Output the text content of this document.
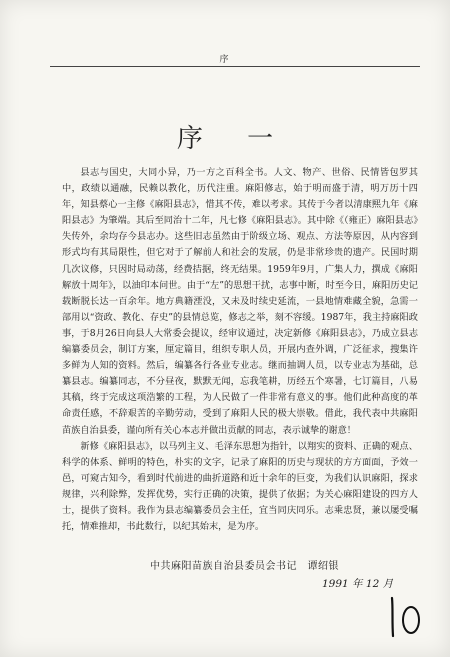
序
序 一

县志与国史，大同小异，乃一方之百科全书。人文、物产、世俗、民情皆包罗其中，政绩以通融，民赖以教化，历代注重。麻阳修志，始于明而盛于清，明万历十四年，知县蔡心一主修《麻阳县志》，惜其不传，难以考求。其传于今者以清康熙九年《麻阳县志》为肇端。其后至同治十二年，凡七修《麻阳县志》。其中除《（雍正）麻阳县志》失传外，余均存今县志办。这些旧志虽然由于阶级立场、观点、方法等原因，从内容到形式均有其局限性，但它对于了解前人和社会的发展，仍是非常珍贵的遗产。民国时期几次议修，只因时局动荡，经费拮据，终无结果。1959年9月，广集人力，撰成《麻阳解放十周年》，以油印本问世。由于“左”的思想干扰，志事中断，时至今日，麻阳历史记载断脱长达一百余年。地方典籍湮没，又未及时续史延流，一县地情难藏全貌，急需一部用以“资政、教化、存史”的县情总览，修志之举，刻不容缓。1987年，我主持麻阳政事，于8月26日向县人大常委会提议，经审议通过，决定新修《麻阳县志》，乃成立县志编纂委员会，制订方案，厘定篇目，组织专职人员，开展内查外调，广泛征求，搜集许多鲜为人知的资料。然后，编纂各行各业专业志。继而抽调人员，以专业志为基础，总纂县志。编纂同志，不分昼夜，默默无闻，忘我笔耕，历经五个寒暑，七订篇目，八易其稿，终于完成这项浩繁的工程，为人民做了一件非常有意义的事。他们此种高度的革命责任感，不辞艰苦的辛勤劳动，受到了麻阳人民的极大崇敬。借此，我代表中共麻阳苗族自治县委，谨向所有关心本志并做出贡献的同志，表示诚挚的谢意！

新修《麻阳县志》，以马列主义、毛泽东思想为指针，以翔实的资料、正确的观点、科学的体系、鲜明的特色，朴实的文字，记录了麻阳的历史与现状的方方面面，予效一邑，可窥古知今，看到时代前进的曲折道路和近十余年的巨变，为我们认识麻阳，探求规律，兴利除弊，发挥优势，实行正确的决策，提供了依据；为关心麻阳建设的四方人士，提供了资料。我作为县志编纂委员会主任，宜当同庆同乐。志乘忠贤，兼以屡受嘱托，情难推却，书此数行，以纪其始末，是为序。

中共麻阳苗族自治县委员会书记　谭绍银
1991 年 12 月
